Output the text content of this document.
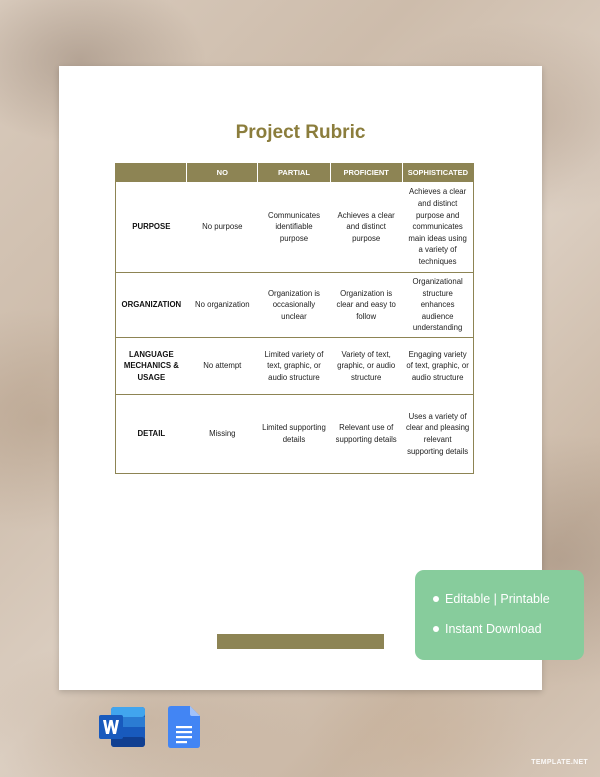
Project Rubric
	NO	PARTIAL	PROFICIENT	SOPHISTICATED
PURPOSE	No purpose	Communicates identifiable purpose	Achieves a clear and distinct purpose	Achieves a clear and distinct purpose and communicates main ideas using a variety of techniques
ORGANIZATION	No organization	Organization is occasionally unclear	Organization is clear and easy to follow	Organizational structure enhances audience understanding
LANGUAGE MECHANICS & USAGE	No attempt	Limited variety of text, graphic, or audio structure	Variety of text, graphic, or audio structure	Engaging variety of text, graphic, or audio structure
DETAIL	Missing	Limited supporting details	Relevant use of supporting details	Uses a variety of clear and pleasing relevant supporting details
Editable | Printable
Instant Download
TEMPLATE.NET
